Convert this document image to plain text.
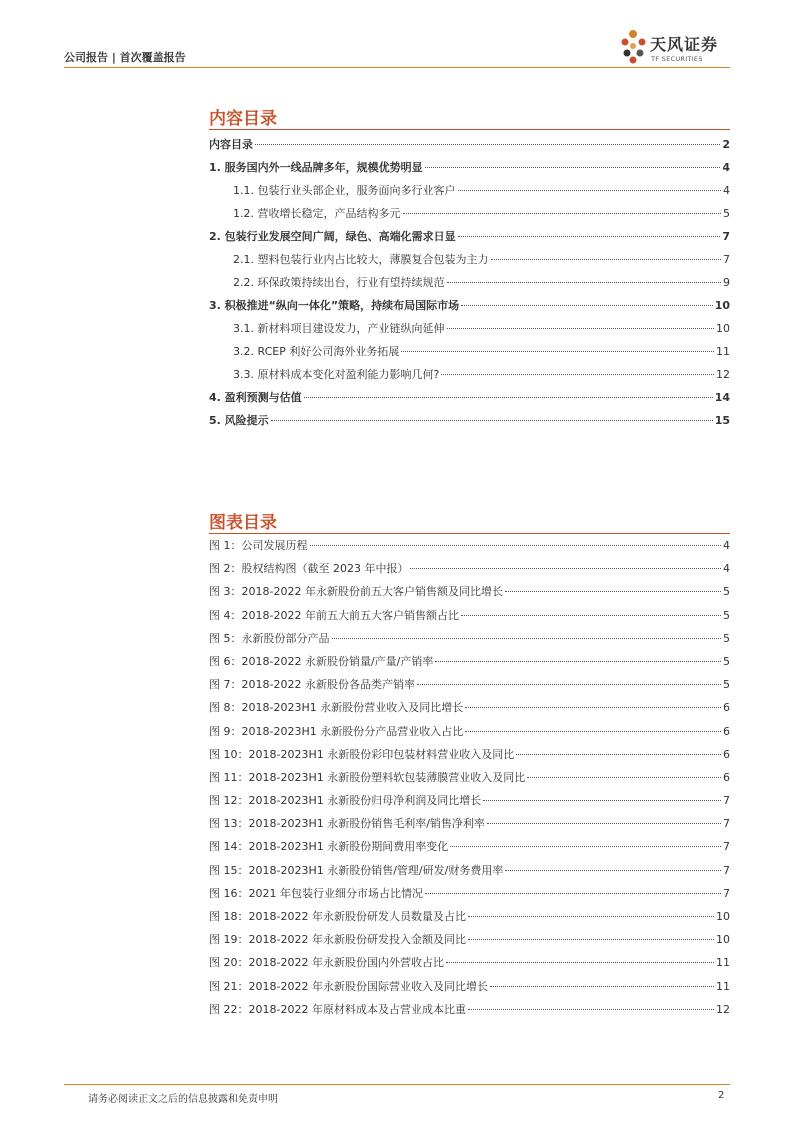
公司报告 | 首次覆盖报告
天风证券
TF SECURITIES
内容目录
内容目录	2
1. 服务国内外一线品牌多年，规模优势明显	4
1.1. 包装行业头部企业，服务面向多行业客户	4
1.2. 营收增长稳定，产品结构多元	5
2. 包装行业发展空间广阔，绿色、高端化需求日显	7
2.1. 塑料包装行业内占比较大，薄膜复合包装为主力	7
2.2. 环保政策持续出台，行业有望持续规范	9
3. 积极推进“纵向一体化”策略，持续布局国际市场	10
3.1. 新材料项目建设发力，产业链纵向延伸	10
3.2. RCEP 利好公司海外业务拓展	11
3.3. 原材料成本变化对盈利能力影响几何?	12
4. 盈利预测与估值	14
5. 风险提示	15
图表目录
图 1：公司发展历程	4
图 2：股权结构图（截至 2023 年中报）	4
图 3：2018-2022 年永新股份前五大客户销售额及同比增长	5
图 4：2018-2022 年前五大前五大客户销售额占比	5
图 5：永新股份部分产品	5
图 6：2018-2022 永新股份销量/产量/产销率	5
图 7：2018-2022 永新股份各品类产销率	5
图 8：2018-2023H1 永新股份营业收入及同比增长	6
图 9：2018-2023H1 永新股份分产品营业收入占比	6
图 10：2018-2023H1 永新股份彩印包装材料营业收入及同比	6
图 11：2018-2023H1 永新股份塑料软包装薄膜营业收入及同比	6
图 12：2018-2023H1 永新股份归母净利润及同比增长	7
图 13：2018-2023H1 永新股份销售毛利率/销售净利率	7
图 14：2018-2023H1 永新股份期间费用率变化	7
图 15：2018-2023H1 永新股份销售/管理/研发/财务费用率	7
图 16：2021 年包装行业细分市场占比情况	7
图 18：2018-2022 年永新股份研发人员数量及占比	10
图 19：2018-2022 年永新股份研发投入金额及同比	10
图 20：2018-2022 年永新股份国内外营收占比	11
图 21：2018-2022 年永新股份国际营业收入及同比增长	11
图 22：2018-2022 年原材料成本及占营业成本比重	12
请务必阅读正文之后的信息披露和免责申明	2
